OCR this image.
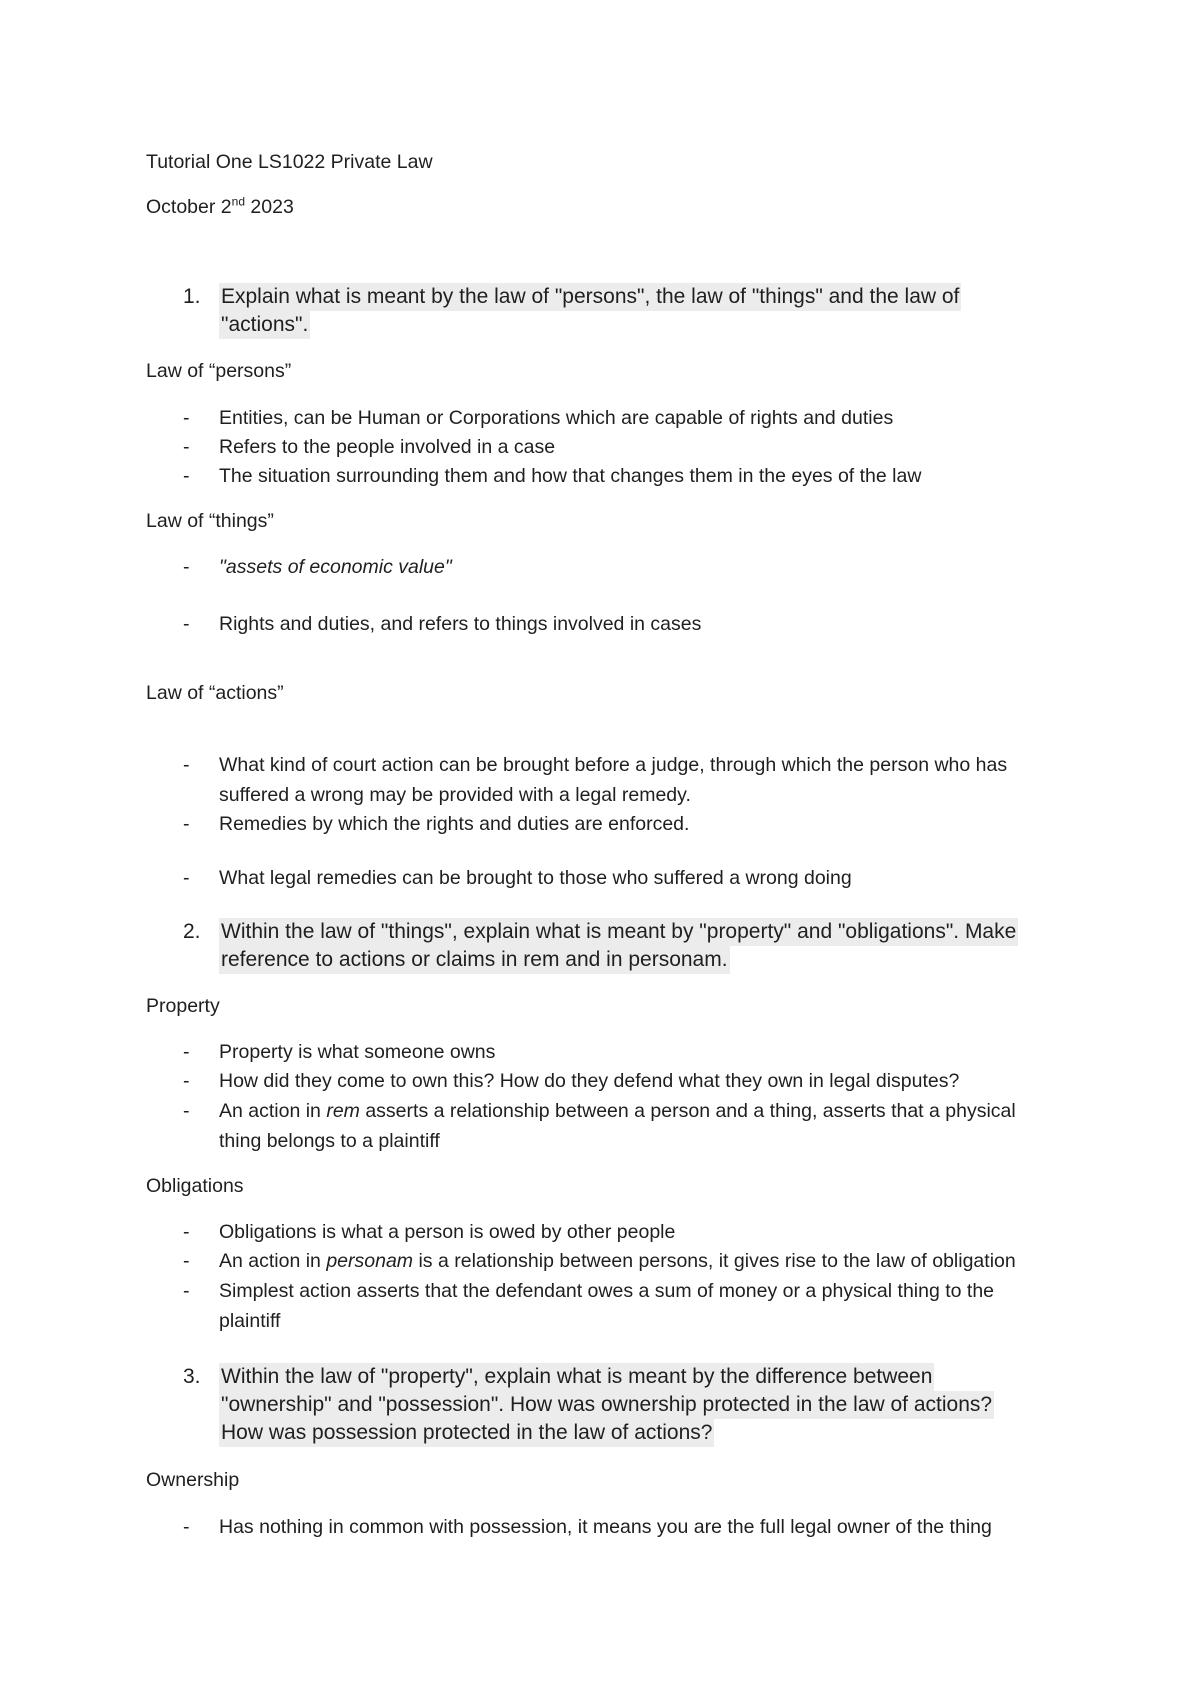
Tutorial One LS1022 Private Law
October 2nd 2023
1. Explain what is meant by the law of "persons", the law of "things" and the law of
"actions".
Law of “persons”
-	Entities, can be Human or Corporations which are capable of rights and duties
-	Refers to the people involved in a case
-	The situation surrounding them and how that changes them in the eyes of the law
Law of “things”
-	"assets of economic value"
-	Rights and duties, and refers to things involved in cases
Law of “actions”
-	What kind of court action can be brought before a judge, through which the person who has
suffered a wrong may be provided with a legal remedy.
-	Remedies by which the rights and duties are enforced.
-	What legal remedies can be brought to those who suffered a wrong doing
2. Within the law of "things", explain what is meant by "property" and "obligations". Make
reference to actions or claims in rem and in personam.
Property
-	Property is what someone owns
-	How did they come to own this? How do they defend what they own in legal disputes?
-	An action in rem asserts a relationship between a person and a thing, asserts that a physical
thing belongs to a plaintiff
Obligations
-	Obligations is what a person is owed by other people
-	An action in personam is a relationship between persons, it gives rise to the law of obligation
-	Simplest action asserts that the defendant owes a sum of money or a physical thing to the
plaintiff
3. Within the law of "property", explain what is meant by the difference between
"ownership" and "possession". How was ownership protected in the law of actions?
How was possession protected in the law of actions?
Ownership
-	Has nothing in common with possession, it means you are the full legal owner of the thing
